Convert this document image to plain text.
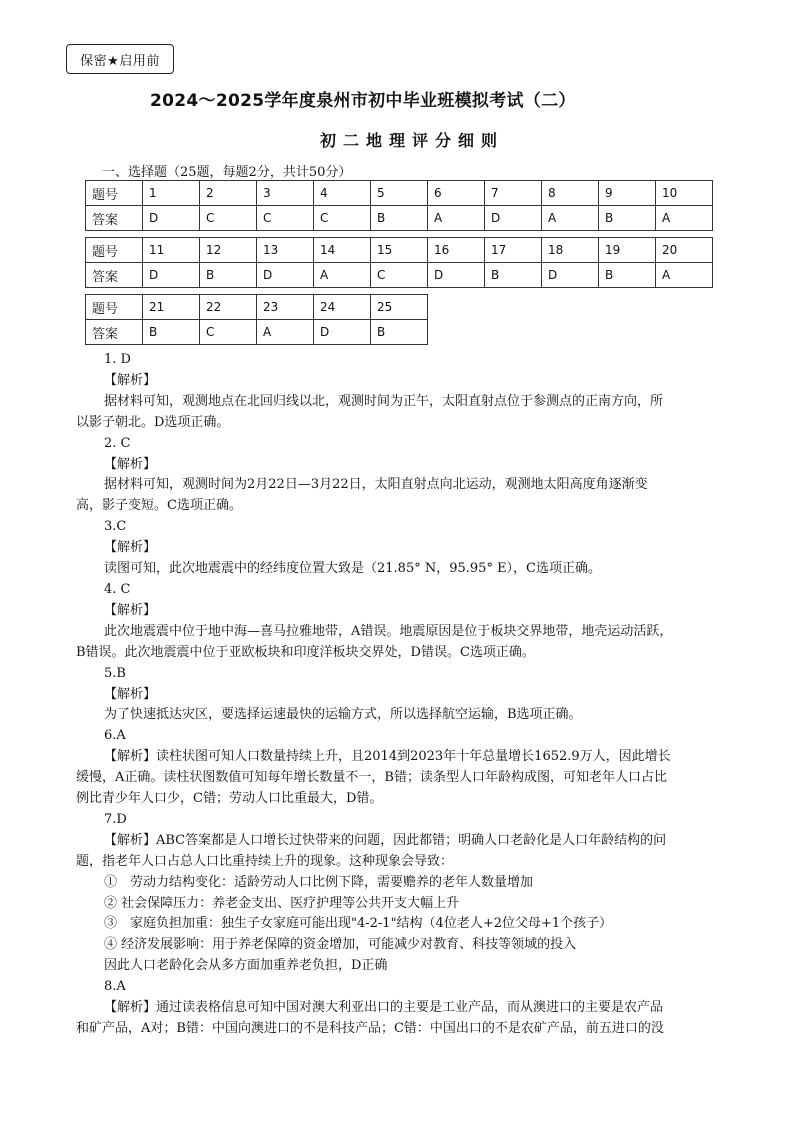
保密★启用前
2024～2025学年度泉州市初中毕业班模拟考试（二）
初二地理评分细则
一、选择题（25题，每题2分，共计50分）
题号	1	2	3	4	5	6	7	8	9	10
答案	D	C	C	C	B	A	D	A	B	A
题号	11	12	13	14	15	16	17	18	19	20
答案	D	B	D	A	C	D	B	D	B	A
题号	21	22	23	24	25
答案	B	C	A	D	B

1. D

【解析】

据材料可知，观测地点在北回归线以北，观测时间为正午，太阳直射点位于参测点的正南方向，所

以影子朝北。D选项正确。

2. C

【解析】

据材料可知，观测时间为2月22日—3月22日，太阳直射点向北运动，观测地太阳高度角逐渐变

高，影子变短。C选项正确。

3.C

【解析】

读图可知，此次地震震中的经纬度位置大致是（21.85° N，95.95° E），C选项正确。

4. C

【解析】

此次地震震中位于地中海—喜马拉雅地带，A错误。地震原因是位于板块交界地带，地壳运动活跃，

B错误。此次地震震中位于亚欧板块和印度洋板块交界处，D错误。C选项正确。

5.B

【解析】

为了快速抵达灾区，要选择运速最快的运输方式，所以选择航空运输，B选项正确。

6.A

【解析】读柱状图可知人口数量持续上升，且2014到2023年十年总量增长1652.9万人，因此增长

缓慢，A正确。读柱状图数值可知每年增长数量不一，B错；读条型人口年龄构成图，可知老年人口占比

例比青少年人口少，C错；劳动人口比重最大，D错。

7.D

【解析】ABC答案都是人口增长过快带来的问题，因此都错；明确人口老龄化是人口年龄结构的问

题，指老年人口占总人口比重持续上升的现象。这种现象会导致：

①　劳动力结构变化：适龄劳动人口比例下降，需要赡养的老年人数量增加

② 社会保障压力：养老金支出、医疗护理等公共开支大幅上升

③　家庭负担加重：独生子女家庭可能出现"4-2-1"结构（4位老人+2位父母+1个孩子）

④ 经济发展影响：用于养老保障的资金增加，可能减少对教育、科技等领域的投入

因此人口老龄化会从多方面加重养老负担，D正确

8.A

【解析】通过读表格信息可知中国对澳大利亚出口的主要是工业产品，而从澳进口的主要是农产品

和矿产品，A对；B错：中国向澳进口的不是科技产品；C错：中国出口的不是农矿产品，前五进口的没
